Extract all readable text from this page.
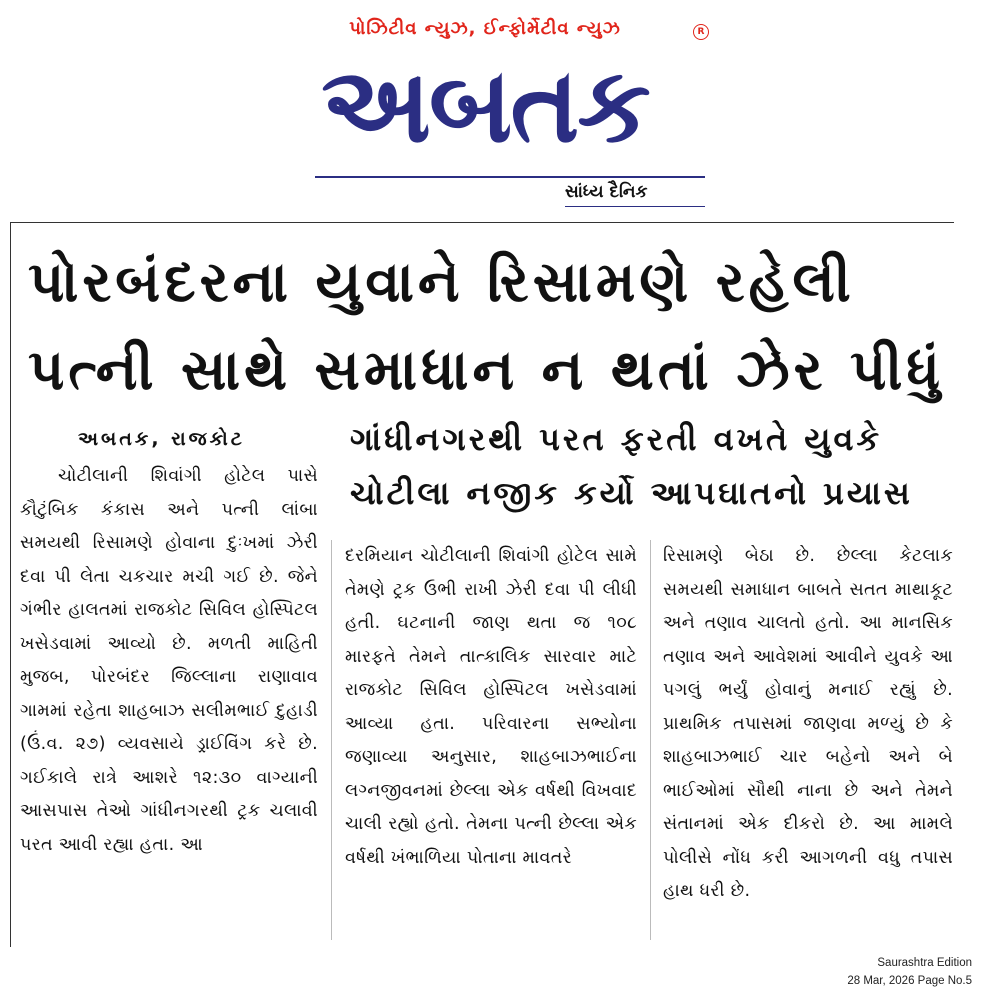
પોઝિટીવ ન્યુઝ, ઈન્ફોર્મેટીવ ન્યુઝ	R
અબતક
સાંધ્ય દૈનિક
પોરબંદરના યુવાને રિસામણે રહેલી
પત્ની સાથે સમાધાન ન થતાં ઝેર પીધું
ગાંધીનગરથી પરત ફરતી વખતે યુવકે
ચોટીલા નજીક કર્યો આપઘાતનો પ્રયાસ
અબતક, રાજકોટ

ચોટીલાની શિવાંગી હોટેલ પાસે કૌટુંબિક કંકાસ અને પત્ની લાંબા સમયથી રિસામણે હોવાના દુઃખમાં ઝેરી દવા પી લેતા ચકચાર મચી ગઈ છે. જેને ગંભીર હાલતમાં રાજકોટ સિવિલ હોસ્પિટલ ખસેડવામાં આવ્યો છે. મળતી માહિતી મુજબ, પોરબંદર જિલ્લાના રાણાવાવ ગામમાં રહેતા શાહબાઝ સલીમભાઈ દુહાડી (ઉં.વ. ૨૭) વ્યવસાયે ડ્રાઈવિંગ કરે છે. ગઈકાલે રાત્રે આશરે ૧૨:૩૦ વાગ્યાની આસપાસ તેઓ ગાંધીનગરથી ટ્રક ચલાવી પરત આવી રહ્યા હતા. આ

દરમિયાન ચોટીલાની શિવાંગી હોટેલ સામે તેમણે ટ્રક ઉભી રાખી ઝેરી દવા પી લીધી હતી. ઘટનાની જાણ થતા જ ૧૦૮ મારફતે તેમને તાત્કાલિક સારવાર માટે રાજકોટ સિવિલ હોસ્પિટલ ખસેડવામાં આવ્યા હતા. પરિવારના સભ્યોના જણાવ્યા અનુસાર, શાહબાઝભાઈના લગ્નજીવનમાં છેલ્લા એક વર્ષથી વિખવાદ ચાલી રહ્યો હતો. તેમના પત્ની છેલ્લા એક વર્ષથી ખંભાળિયા પોતાના માવતરે

રિસામણે બેઠા છે. છેલ્લા કેટલાક સમયથી સમાધાન બાબતે સતત માથાકૂટ અને તણાવ ચાલતો હતો. આ માનસિક તણાવ અને આવેશમાં આવીને યુવકે આ પગલું ભર્યું હોવાનું મનાઈ રહ્યું છે. પ્રાથમિક તપાસમાં જાણવા મળ્યું છે કે શાહબાઝભાઈ ચાર બહેનો અને બે ભાઈઓમાં સૌથી નાના છે અને તેમને સંતાનમાં એક દીકરો છે. આ મામલે પોલીસે નોંધ કરી આગળની વધુ તપાસ હાથ ધરી છે.

Saurashtra Edition
28 Mar, 2026 Page No.5
